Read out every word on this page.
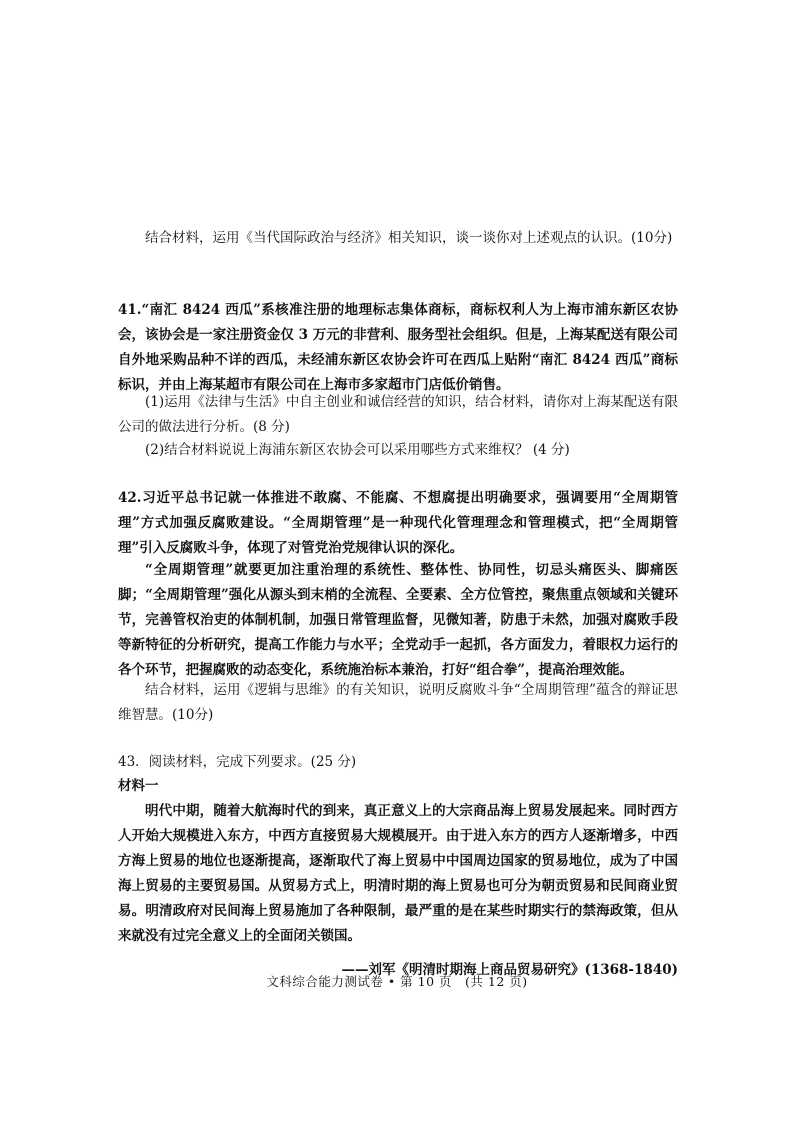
结合材料，运用《当代国际政治与经济》相关知识，谈一谈你对上述观点的认识。(10分)

41.“南汇 8424 西瓜”系核准注册的地理标志集体商标，商标权利人为上海市浦东新区农协会，该协会是一家注册资金仅 3 万元的非营利、服务型社会组织。但是，上海某配送有限公司自外地采购品种不详的西瓜，未经浦东新区农协会许可在西瓜上贴附“南汇 8424 西瓜”商标标识，并由上海某超市有限公司在上海市多家超市门店低价销售。

(1)运用《法律与生活》中自主创业和诚信经营的知识，结合材料，请你对上海某配送有限公司的做法进行分析。(8 分)

(2)结合材料说说上海浦东新区农协会可以采用哪些方式来维权？ (4 分)

42.习近平总书记就一体推进不敢腐、不能腐、不想腐提出明确要求，强调要用“全周期管理”方式加强反腐败建设。“全周期管理”是一种现代化管理理念和管理模式，把“全周期管理”引入反腐败斗争，体现了对管党治党规律认识的深化。

“全周期管理”就要更加注重治理的系统性、整体性、协同性，切忌头痛医头、脚痛医脚；“全周期管理”强化从源头到末梢的全流程、全要素、全方位管控，聚焦重点领域和关键环节，完善管权治吏的体制机制，加强日常管理监督，见微知著，防患于未然，加强对腐败手段等新特征的分析研究，提高工作能力与水平；全党动手一起抓，各方面发力，着眼权力运行的各个环节，把握腐败的动态变化，系统施治标本兼治，打好“组合拳”，提高治理效能。

结合材料，运用《逻辑与思维》的有关知识，说明反腐败斗争“全周期管理”蕴含的辩证思维智慧。(10分)

43．阅读材料，完成下列要求。(25 分)

材料一

明代中期，随着大航海时代的到来，真正意义上的大宗商品海上贸易发展起来。同时西方人开始大规模进入东方，中西方直接贸易大规模展开。由于进入东方的西方人逐渐增多，中西方海上贸易的地位也逐渐提高，逐渐取代了海上贸易中中国周边国家的贸易地位，成为了中国海上贸易的主要贸易国。从贸易方式上，明清时期的海上贸易也可分为朝贡贸易和民间商业贸易。明清政府对民间海上贸易施加了各种限制，最严重的是在某些时期实行的禁海政策，但从来就没有过完全意义上的全面闭关锁国。

——刘军《明清时期海上商品贸易研究》(1368-1840)

文科综合能力测试卷 • 第 10 页　(共 12 页)
